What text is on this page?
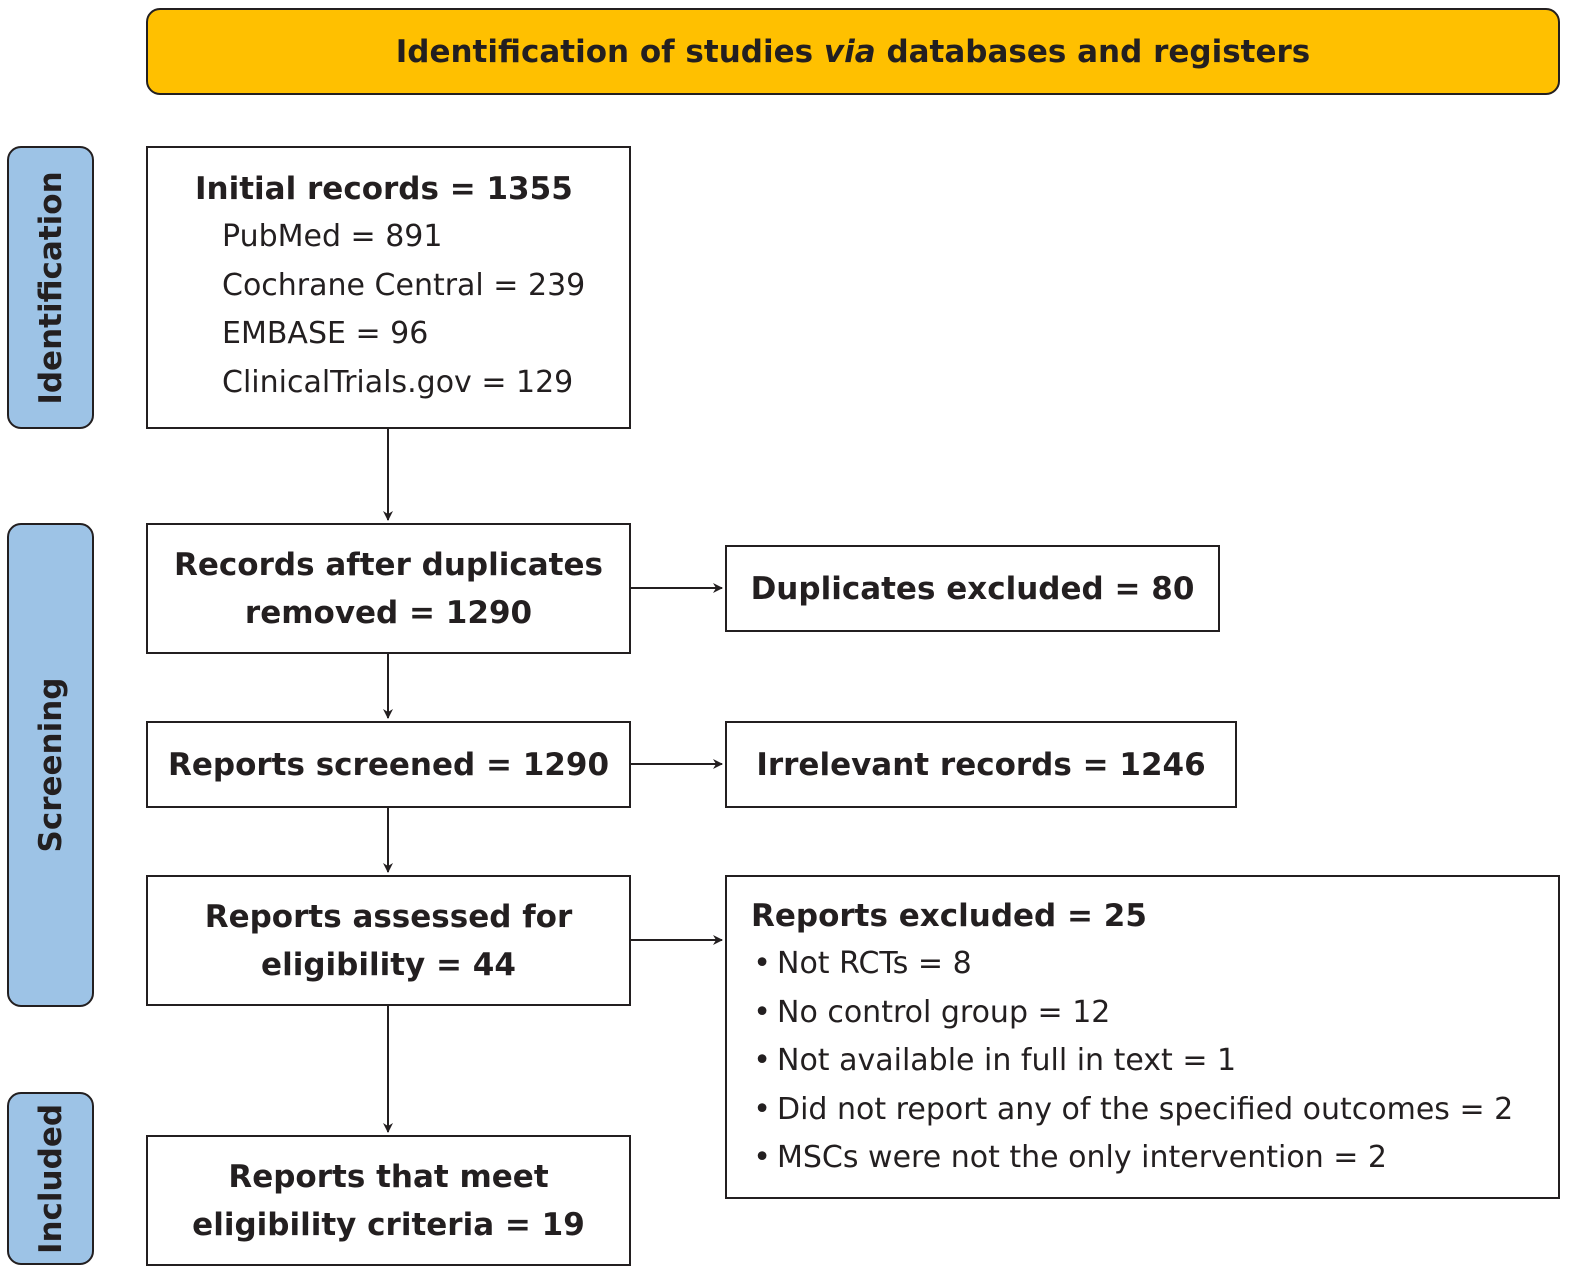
Identification of studies
via
databases and registers
Identification
Screening
Included
Initial records = 1355
PubMed = 891
Cochrane Central = 239
EMBASE = 96
ClinicalTrials.gov = 129
Records after duplicates
removed = 1290
Duplicates excluded = 80
Reports screened = 1290	Irrelevant records = 1246
Reports assessed for
eligibility = 44
Reports excluded = 25
• Not RCTs = 8
• No control group = 12
• Not available in full in text = 1
• Did not report any of the specified outcomes = 2
• MSCs were not the only intervention = 2
Reports that meet
eligibility criteria = 19
